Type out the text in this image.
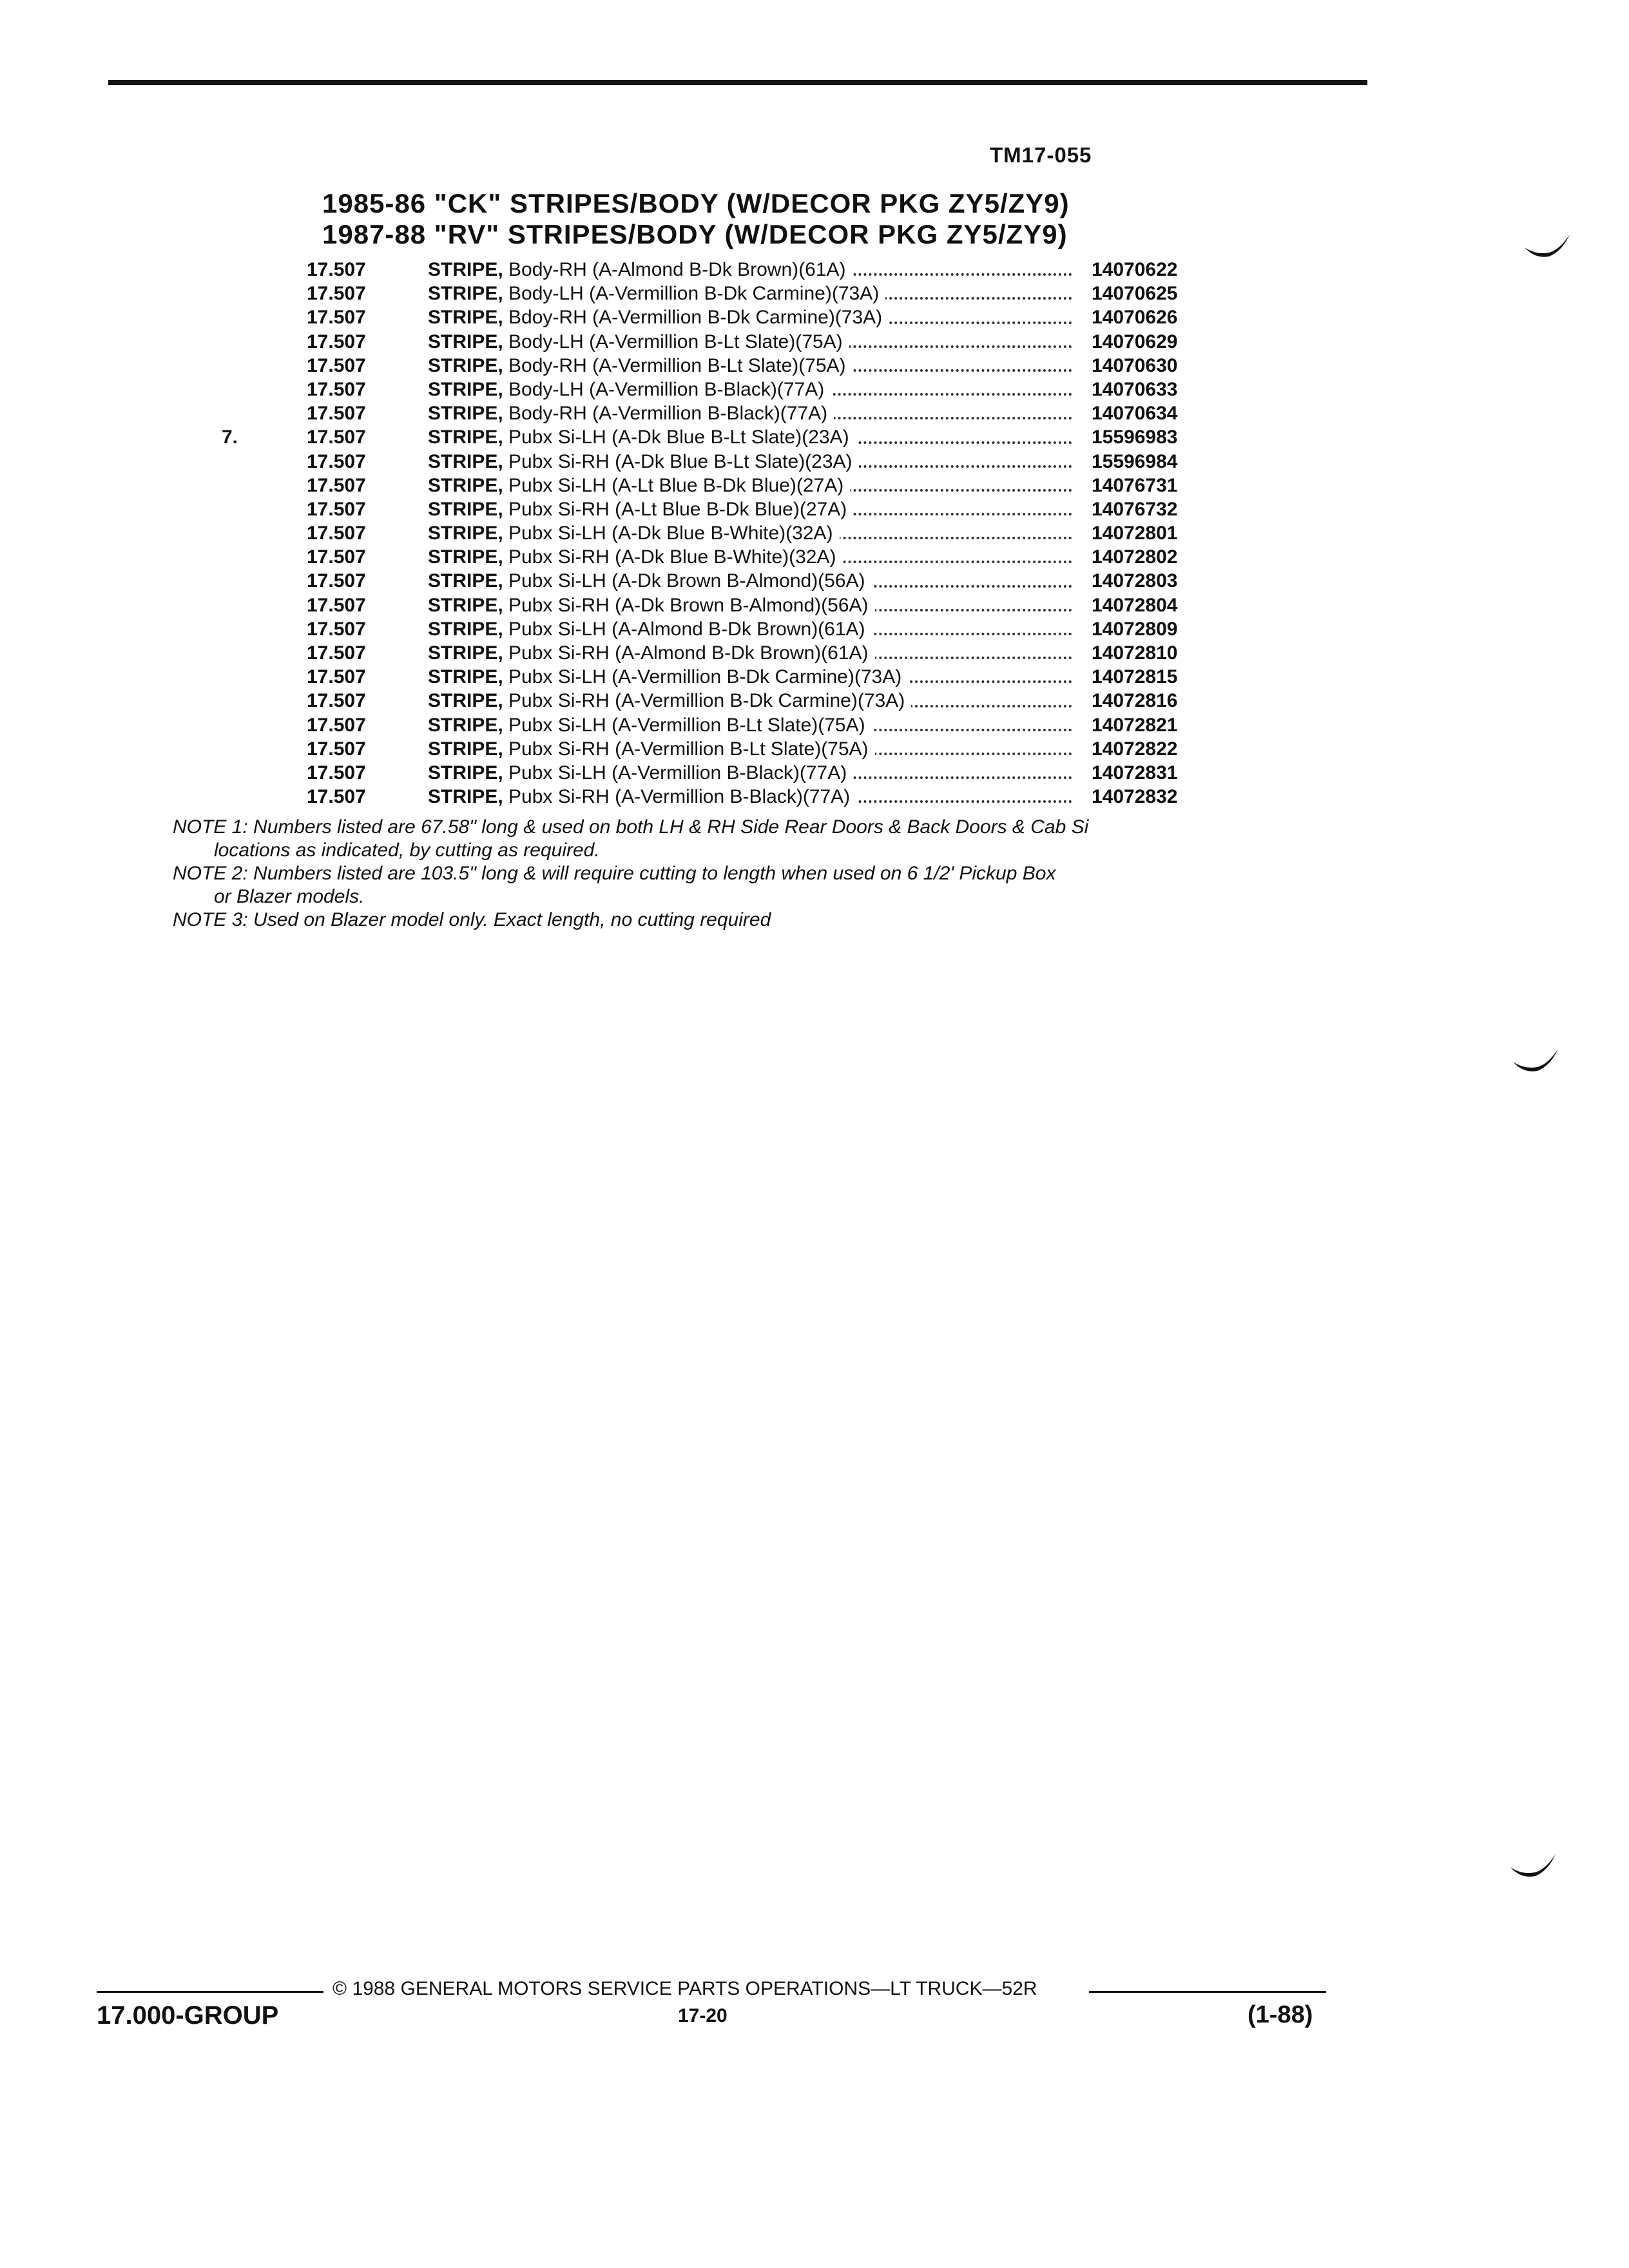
TM17-055
1985-86 "CK" STRIPES/BODY (W/DECOR PKG ZY5/ZY9)
1987-88 "RV" STRIPES/BODY (W/DECOR PKG ZY5/ZY9)
17.507	STRIPE, Body-RH (A-Almond B-Dk Brown)(61A)	14070622
17.507	STRIPE, Body-LH (A-Vermillion B-Dk Carmine)(73A)	14070625
17.507	STRIPE, Bdoy-RH (A-Vermillion B-Dk Carmine)(73A)	14070626
17.507	STRIPE, Body-LH (A-Vermillion B-Lt Slate)(75A)	14070629
17.507	STRIPE, Body-RH (A-Vermillion B-Lt Slate)(75A)	14070630
17.507	STRIPE, Body-LH (A-Vermillion B-Black)(77A)	14070633
17.507	STRIPE, Body-RH (A-Vermillion B-Black)(77A)	14070634
7.	17.507	STRIPE, Pubx Si-LH (A-Dk Blue B-Lt Slate)(23A)	15596983
17.507	STRIPE, Pubx Si-RH (A-Dk Blue B-Lt Slate)(23A)	15596984
17.507	STRIPE, Pubx Si-LH (A-Lt Blue B-Dk Blue)(27A)	14076731
17.507	STRIPE, Pubx Si-RH (A-Lt Blue B-Dk Blue)(27A)	14076732
17.507	STRIPE, Pubx Si-LH (A-Dk Blue B-White)(32A)	14072801
17.507	STRIPE, Pubx Si-RH (A-Dk Blue B-White)(32A)	14072802
17.507	STRIPE, Pubx Si-LH (A-Dk Brown B-Almond)(56A)	14072803
17.507	STRIPE, Pubx Si-RH (A-Dk Brown B-Almond)(56A)	14072804
17.507	STRIPE, Pubx Si-LH (A-Almond B-Dk Brown)(61A)	14072809
17.507	STRIPE, Pubx Si-RH (A-Almond B-Dk Brown)(61A)	14072810
17.507	STRIPE, Pubx Si-LH (A-Vermillion B-Dk Carmine)(73A)	14072815
17.507	STRIPE, Pubx Si-RH (A-Vermillion B-Dk Carmine)(73A)	14072816
17.507	STRIPE, Pubx Si-LH (A-Vermillion B-Lt Slate)(75A)	14072821
17.507	STRIPE, Pubx Si-RH (A-Vermillion B-Lt Slate)(75A)	14072822
17.507	STRIPE, Pubx Si-LH (A-Vermillion B-Black)(77A)	14072831
17.507	STRIPE, Pubx Si-RH (A-Vermillion B-Black)(77A)	14072832
NOTE 1: Numbers listed are 67.58" long & used on both LH & RH Side Rear Doors & Back Doors & Cab Si
locations as indicated, by cutting as required.
NOTE 2: Numbers listed are 103.5" long & will require cutting to length when used on 6 1/2' Pickup Box
or Blazer models.
NOTE 3: Used on Blazer model only. Exact length, no cutting required
© 1988 GENERAL MOTORS SERVICE PARTS OPERATIONS—LT TRUCK—52R
17.000-GROUP	17-20	(1-88)
